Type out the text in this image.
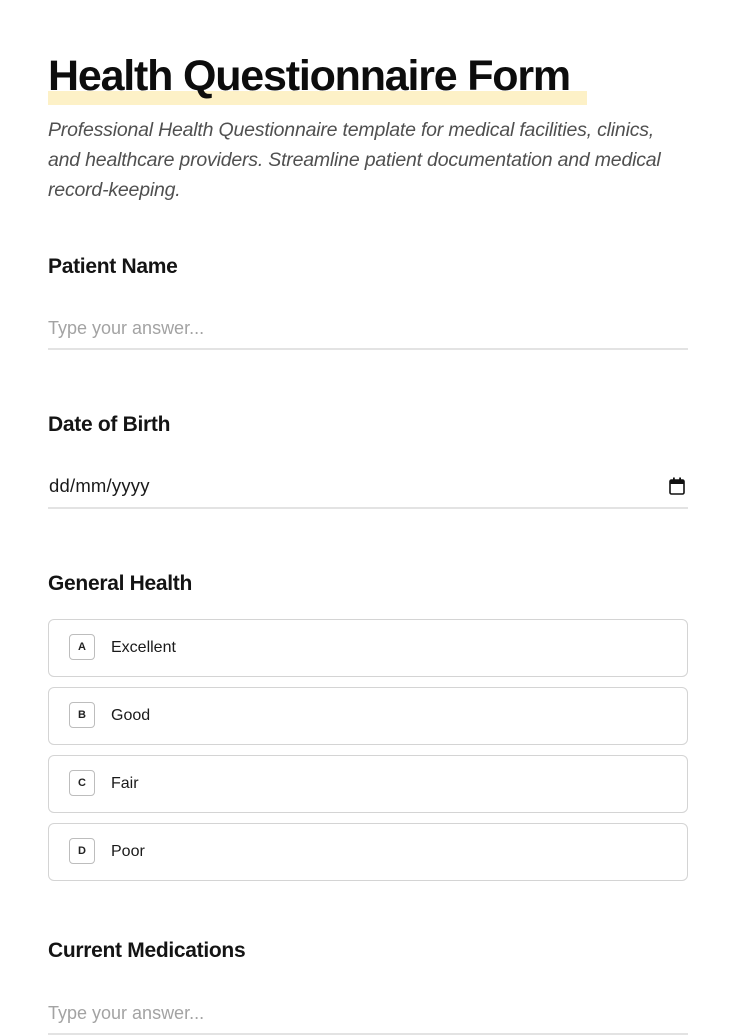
Health Questionnaire Form

Professional Health Questionnaire template for medical facilities, clinics, and healthcare providers. Streamline patient documentation and medical record-keeping.

Patient Name
Type your answer...
Date of Birth
dd/mm/yyyy
General Health
A	Excellent
B	Good
C	Fair
D	Poor
Current Medications
Type your answer...
